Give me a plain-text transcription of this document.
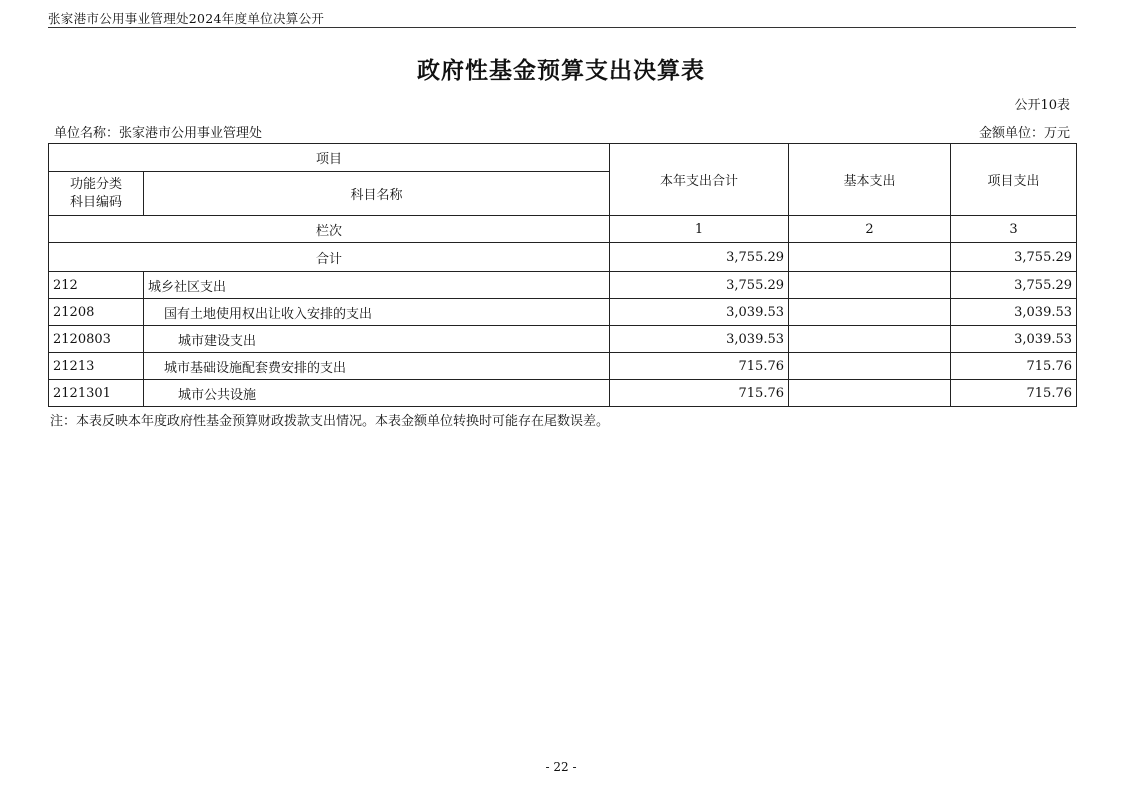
张家港市公用事业管理处2024年度单位决算公开
政府性基金预算支出决算表
公开10表
单位名称：张家港市公用事业管理处	金额单位：万元
项目		本年支出合计	基本支出	项目支出
功能分类
科目编码	科目名称			
栏次		1	2	3
合计		3,755.29		3,755.29
212	城乡社区支出	3,755.29		3,755.29
21208	国有土地使用权出让收入安排的支出	3,039.53		3,039.53
2120803	城市建设支出	3,039.53		3,039.53
21213	城市基础设施配套费安排的支出	715.76		715.76
2121301	城市公共设施	715.76		715.76
注：本表反映本年度政府性基金预算财政拨款支出情况。本表金额单位转换时可能存在尾数误差。
- 22 -
